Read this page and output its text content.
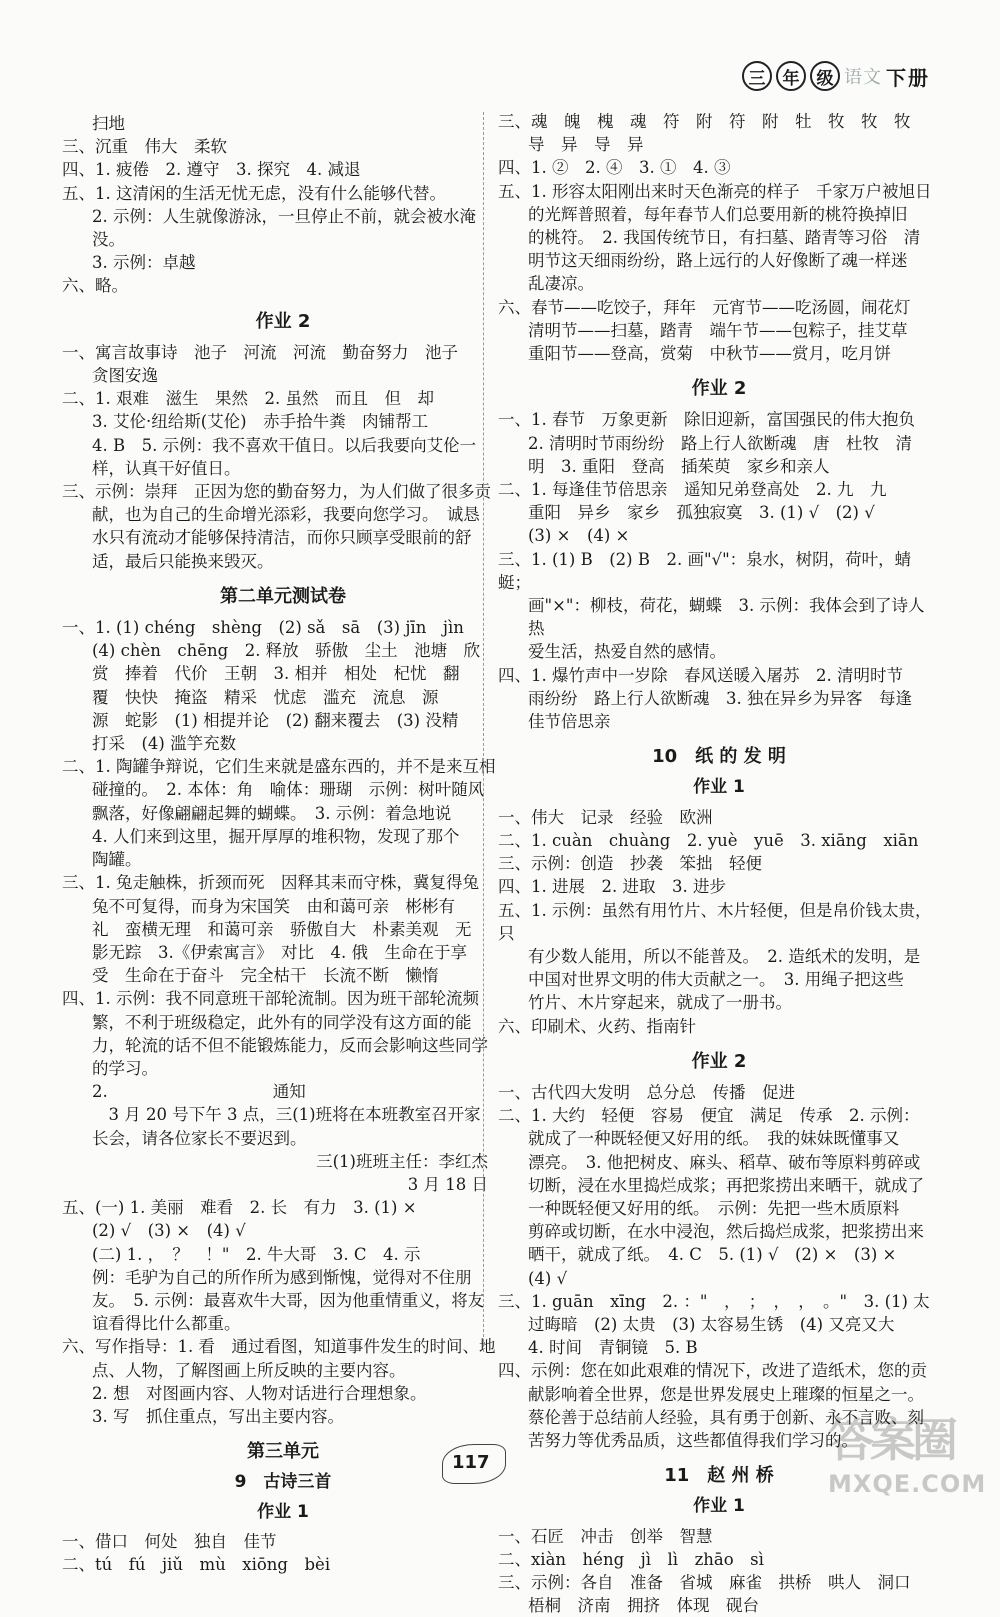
三	年	级 语文 下册
扫地
三、沉重　伟大　柔软
四、1. 疲倦　2. 遵守　3. 探究　4. 减退
五、1. 这清闲的生活无忧无虑，没有什么能够代替。
2. 示例：人生就像游泳，一旦停止不前，就会被水淹没。
3. 示例：卓越
六、略。
作业 2
一、寓言故事诗　池子　河流　河流　勤奋努力　池子
贪图安逸
二、1. 艰难　滋生　果然　2. 虽然　而且　但　却
3. 艾伦·纽给斯(艾伦)　赤手拾牛粪　肉铺帮工
4. B　5. 示例：我不喜欢干值日。以后我要向艾伦一
样，认真干好值日。
三、示例：崇拜　正因为您的勤奋努力，为人们做了很多贡
献，也为自己的生命增光添彩，我要向您学习。　诚恳
水只有流动才能够保持清洁，而你只顾享受眼前的舒
适，最后只能换来毁灭。
第二单元测试卷
一、1. (1) chéng　shèng　(2) sǎ　sā　(3) jīn　jìn
(4) chèn　chēng　2. 释放　骄傲　尘土　池塘　欣
赏　捧着　代价　王朝　3. 相并　相处　杞忧　翻
覆　快快　掩盗　精采　忧虑　滥充　流息　源
源　蛇影　(1) 相提并论　(2) 翻来覆去　(3) 没精
打采　(4) 滥竽充数
二、1. 陶罐争辩说，它们生来就是盛东西的，并不是来互相
碰撞的。　2. 本体：角　喻体：珊瑚　示例：树叶随风
飘落，好像翩翩起舞的蝴蝶。　3. 示例：着急地说
4. 人们来到这里，掘开厚厚的堆积物，发现了那个
陶罐。
三、1. 兔走触株，折颈而死　因释其耒而守株，冀复得兔
兔不可复得，而身为宋国笑　由和蔼可亲　彬彬有
礼　蛮横无理　和蔼可亲　骄傲自大　朴素美观　无
影无踪　3.《伊索寓言》　对比　4. 俄　生命在于享
受　生命在于奋斗　完全枯干　长流不断　懒惰
四、1. 示例：我不同意班干部轮流制。因为班干部轮流频
繁，不利于班级稳定，此外有的同学没有这方面的能
力，轮流的话不但不能锻炼能力，反而会影响这些同学
的学习。
2.　　　　　　　　　　通知
　3 月 20 号下午 3 点，三(1)班将在本班教室召开家
长会，请各位家长不要迟到。
三(1)班班主任：李红杰
3 月 18 日
五、(一) 1. 美丽　难看　2. 长　有力　3. (1) ×
(2) √　(3) ×　(4) √
(二) 1. ，　？　！"　2. 牛大哥　3. C　4. 示
例：毛驴为自己的所作所为感到惭愧，觉得对不住朋
友。　5. 示例：最喜欢牛大哥，因为他重情重义，将友
谊看得比什么都重。
六、写作指导：1. 看　通过看图，知道事件发生的时间、地
点、人物，了解图画上所反映的主要内容。
2. 想　对图画内容、人物对话进行合理想象。
3. 写　抓住重点，写出主要内容。
第三单元
9　古诗三首
作业 1
一、借口　何处　独自　佳节
二、tú　fú　jiǔ　mù　xiōng　bèi
三、魂　魄　槐　魂　符　附　符　附　牡　牧　牧　牧
导　异　导　异
四、1. ②　2. ④　3. ①　4. ③
五、1. 形容太阳刚出来时天色渐亮的样子　千家万户被旭日
的光辉普照着，每年春节人们总要用新的桃符换掉旧
的桃符。　2. 我国传统节日，有扫墓、踏青等习俗　清
明节这天细雨纷纷，路上远行的人好像断了魂一样迷
乱凄凉。
六、春节——吃饺子，拜年　元宵节——吃汤圆，闹花灯
清明节——扫墓，踏青　端午节——包粽子，挂艾草
重阳节——登高，赏菊　中秋节——赏月，吃月饼
作业 2
一、1. 春节　万象更新　除旧迎新，富国强民的伟大抱负
2. 清明时节雨纷纷　路上行人欲断魂　唐　杜牧　清
明　3. 重阳　登高　插茱萸　家乡和亲人
二、1. 每逢佳节倍思亲　遥知兄弟登高处　2. 九　九
重阳　异乡　家乡　孤独寂寞　3. (1) √　(2) √
(3) ×　(4) ×
三、1. (1) B　(2) B　2. 画"√"：泉水，树阴，荷叶，蜻蜓；
画"×"：柳枝，荷花，蝴蝶　3. 示例：我体会到了诗人热
爱生活，热爱自然的感情。
四、1. 爆竹声中一岁除　春风送暖入屠苏　2. 清明时节
雨纷纷　路上行人欲断魂　3. 独在异乡为异客　每逢
佳节倍思亲
10　纸 的 发 明
作业 1
一、伟大　记录　经验　欧洲
二、1. cuàn　chuàng　2. yuè　yuē　3. xiāng　xiān
三、示例：创造　抄袭　笨拙　轻便
四、1. 进展　2. 进取　3. 进步
五、1. 示例：虽然有用竹片、木片轻便，但是帛价钱太贵，只
有少数人能用，所以不能普及。　2. 造纸术的发明，是
中国对世界文明的伟大贡献之一。　3. 用绳子把这些
竹片、木片穿起来，就成了一册书。
六、印刷术、火药、指南针
作业 2
一、古代四大发明　总分总　传播　促进
二、1. 大约　轻便　容易　便宜　满足　传承　2. 示例：
就成了一种既轻便又好用的纸。　我的妹妹既懂事又
漂亮。　3. 他把树皮、麻头、稻草、破布等原料剪碎或
切断，浸在水里捣烂成浆；再把浆捞出来晒干，就成了
一种既轻便又好用的纸。　示例：先把一些木质原料
剪碎或切断，在水中浸泡，然后捣烂成浆，把浆捞出来
晒干，就成了纸。　4. C　5. (1) √　(2) ×　(3) ×
(4) √
三、1. guān　xīng　2. ："　，　；　，　，　。"　3. (1) 太
过晦暗　(2) 太贵　(3) 太容易生锈　(4) 又亮又大
4. 时间　青铜镜　5. B
四、示例：您在如此艰难的情况下，改进了造纸术，您的贡
献影响着全世界，您是世界发展史上璀璨的恒星之一。
蔡伦善于总结前人经验，具有勇于创新、永不言败、刻
苦努力等优秀品质，这些都值得我们学习的。
11　赵 州 桥
作业 1
一、石匠　冲击　创举　智慧
二、xiàn　héng　jì　lì　zhāo　sì
三、示例：各自　准备　省城　麻雀　拱桥　哄人　洞口
梧桐　济南　拥挤　体现　砚台
117	答案圈
MXQE.COM
